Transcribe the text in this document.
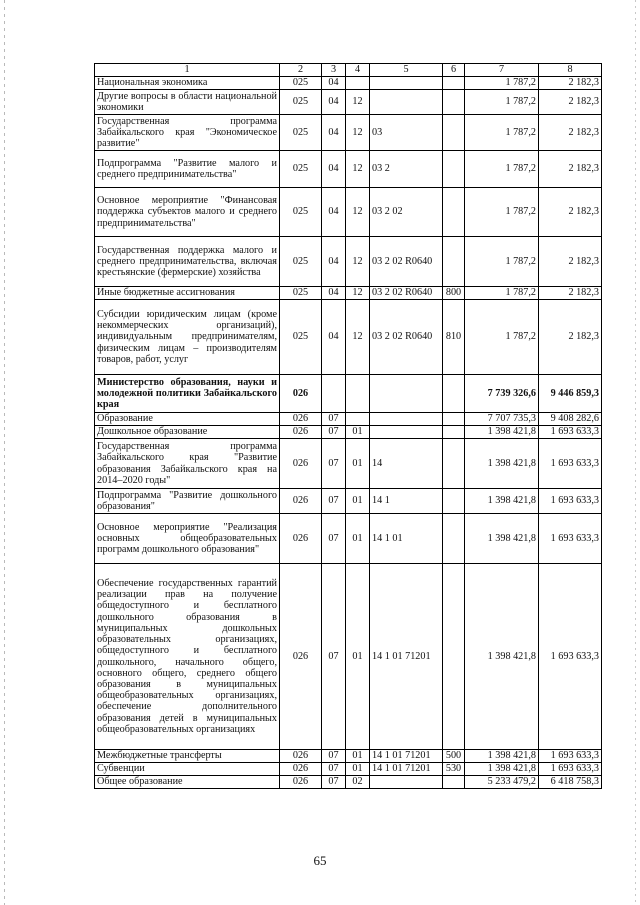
1	2	3	4	5	6	7	8
Национальная экономика	025	04				1 787,2	2 182,3
Другие вопросы в области национальной экономики	025	04	12			1 787,2	2 182,3
Государственная программа Забайкальского края "Экономическое развитие"	025	04	12	03		1 787,2	2 182,3
Подпрограмма "Развитие малого и среднего предпринимательства"	025	04	12	03 2		1 787,2	2 182,3
Основное мероприятие "Финансовая поддержка субъектов малого и среднего предпринимательства"	025	04	12	03 2 02		1 787,2	2 182,3
Государственная поддержка малого и среднего предпринимательства, включая крестьянские (фермерские) хозяйства	025	04	12	03 2 02 R0640		1 787,2	2 182,3
Иные бюджетные ассигнования	025	04	12	03 2 02 R0640	800	1 787,2	2 182,3
Субсидии юридическим лицам (кроме некоммерческих организаций), индивидуальным предпринимателям, физическим лицам – производителям товаров, работ, услуг	025	04	12	03 2 02 R0640	810	1 787,2	2 182,3
Министерство образования, науки и молодежной политики Забайкальского края	026					7 739 326,6	9 446 859,3
Образование	026	07				7 707 735,3	9 408 282,6
Дошкольное образование	026	07	01			1 398 421,8	1 693 633,3
Государственная программа Забайкальского края "Развитие образования Забайкальского края на 2014–2020 годы"	026	07	01	14		1 398 421,8	1 693 633,3
Подпрограмма "Развитие дошкольного образования"	026	07	01	14 1		1 398 421,8	1 693 633,3
Основное мероприятие "Реализация основных общеобразовательных программ дошкольного образования"	026	07	01	14 1 01		1 398 421,8	1 693 633,3
Обеспечение государственных гарантий реализации прав на получение общедоступного и бесплатного дошкольного образования в муниципальных дошкольных образовательных организациях, общедоступного и бесплатного дошкольного, начального общего, основного общего, среднего общего образования в муниципальных общеобразовательных организациях, обеспечение дополнительного образования детей в муниципальных общеобразовательных организациях	026	07	01	14 1 01 71201		1 398 421,8	1 693 633,3
Межбюджетные трансферты	026	07	01	14 1 01 71201	500	1 398 421,8	1 693 633,3
Субвенции	026	07	01	14 1 01 71201	530	1 398 421,8	1 693 633,3
Общее образование	026	07	02			5 233 479,2	6 418 758,3
65
